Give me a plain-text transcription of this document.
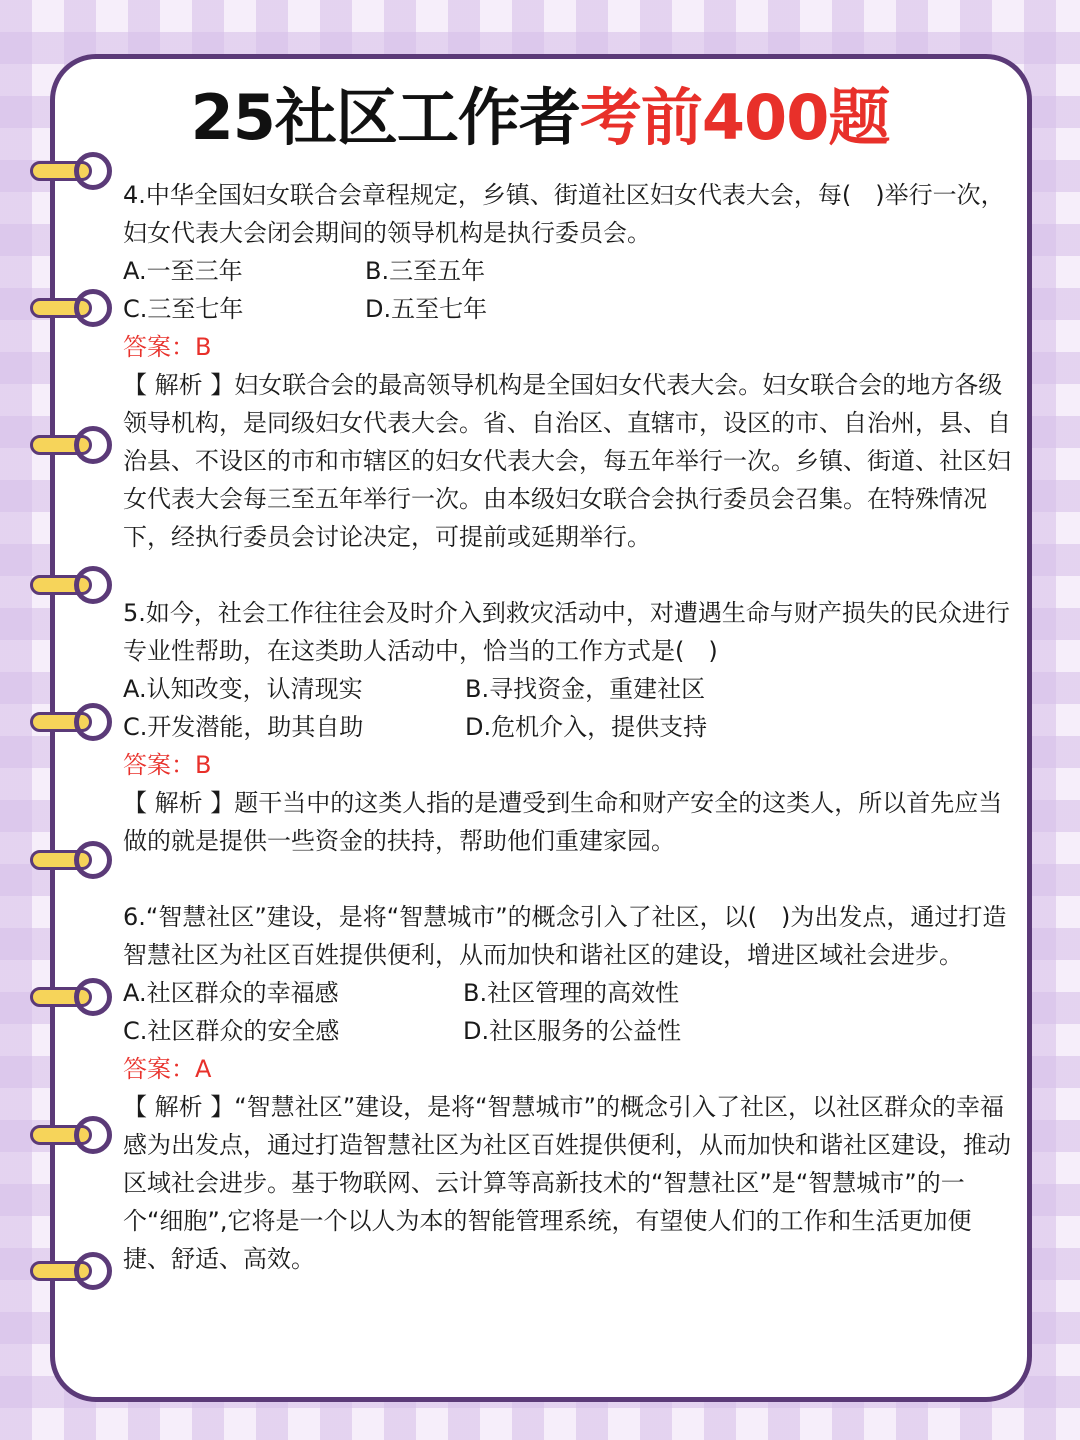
25社区工作者考前400题

4.中华全国妇女联合会章程规定，乡镇、街道社区妇女代表大会，每(　)举行一次，妇女代表大会闭会期间的领导机构是执行委员会。

A.一至三年	B.三至五年
C.三至七年	D.五至七年

答案：B

【 解析 】妇女联合会的最高领导机构是全国妇女代表大会。妇女联合会的地方各级领导机构，是同级妇女代表大会。省、自治区、直辖市，设区的市、自治州，县、自治县、不设区的市和市辖区的妇女代表大会，每五年举行一次。乡镇、街道、社区妇女代表大会每三至五年举行一次。由本级妇女联合会执行委员会召集。在特殊情况下，经执行委员会讨论决定，可提前或延期举行。

5.如今，社会工作往往会及时介入到救灾活动中，对遭遇生命与财产损失的民众进行专业性帮助，在这类助人活动中，恰当的工作方式是(　)

A.认知改变，认清现实	B.寻找资金，重建社区
C.开发潜能，助其自助	D.危机介入，提供支持

答案：B

【 解析 】题干当中的这类人指的是遭受到生命和财产安全的这类人，所以首先应当做的就是提供一些资金的扶持，帮助他们重建家园。

6.“智慧社区”建设，是将“智慧城市”的概念引入了社区，以(　)为出发点，通过打造智慧社区为社区百姓提供便利，从而加快和谐社区的建设，增进区域社会进步。

A.社区群众的幸福感	B.社区管理的高效性
C.社区群众的安全感	D.社区服务的公益性

答案：A

【 解析 】“智慧社区”建设，是将“智慧城市”的概念引入了社区，以社区群众的幸福感为出发点，通过打造智慧社区为社区百姓提供便利，从而加快和谐社区建设，推动区域社会进步。基于物联网、云计算等高新技术的“智慧社区”是“智慧城市”的一个“细胞”,它将是一个以人为本的智能管理系统，有望使人们的工作和生活更加便捷、舒适、高效。
